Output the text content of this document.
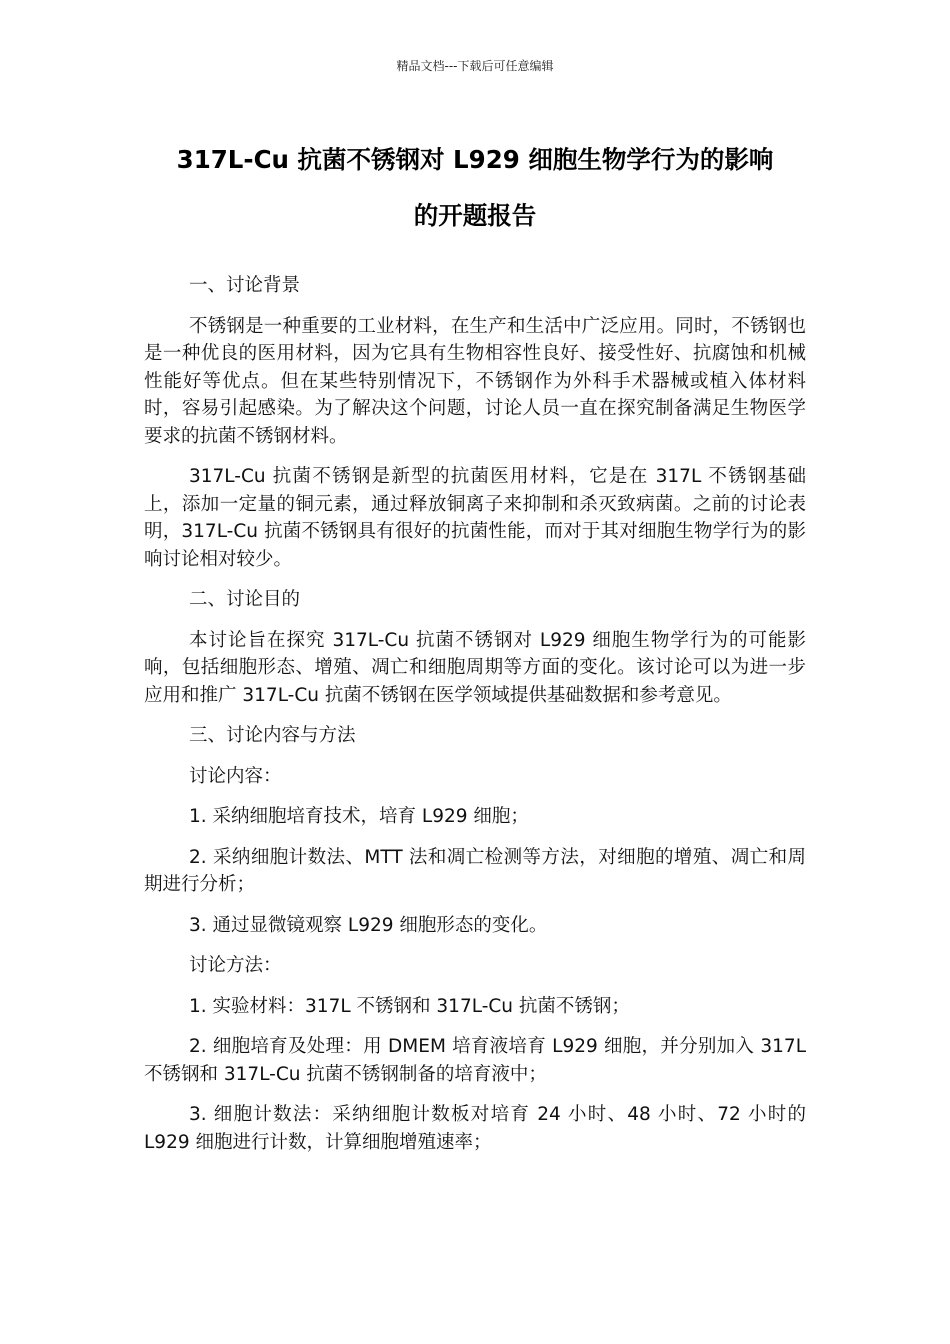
精品文档---下载后可任意编辑
317L-Cu 抗菌不锈钢对 L929 细胞生物学行为的影响
的开题报告

一、讨论背景

不锈钢是一种重要的工业材料，在生产和生活中广泛应用。同时，不锈钢也是一种优良的医用材料，因为它具有生物相容性良好、接受性好、抗腐蚀和机械性能好等优点。但在某些特别情况下，不锈钢作为外科手术器械或植入体材料时，容易引起感染。为了解决这个问题，讨论人员一直在探究制备满足生物医学要求的抗菌不锈钢材料。

317L-Cu 抗菌不锈钢是新型的抗菌医用材料，它是在 317L 不锈钢基础上，添加一定量的铜元素，通过释放铜离子来抑制和杀灭致病菌。之前的讨论表明，317L-Cu 抗菌不锈钢具有很好的抗菌性能，而对于其对细胞生物学行为的影响讨论相对较少。

二、讨论目的

本讨论旨在探究 317L-Cu 抗菌不锈钢对 L929 细胞生物学行为的可能影响，包括细胞形态、增殖、凋亡和细胞周期等方面的变化。该讨论可以为进一步应用和推广 317L-Cu 抗菌不锈钢在医学领域提供基础数据和参考意见。

三、讨论内容与方法

讨论内容：

1. 采纳细胞培育技术，培育 L929 细胞；

2. 采纳细胞计数法、MTT 法和凋亡检测等方法，对细胞的增殖、凋亡和周期进行分析；

3. 通过显微镜观察 L929 细胞形态的变化。

讨论方法：

1. 实验材料：317L 不锈钢和 317L-Cu 抗菌不锈钢；

2. 细胞培育及处理：用 DMEM 培育液培育 L929 细胞，并分别加入 317L 不锈钢和 317L-Cu 抗菌不锈钢制备的培育液中；

3. 细胞计数法：采纳细胞计数板对培育 24 小时、48 小时、72 小时的 L929 细胞进行计数，计算细胞增殖速率；
